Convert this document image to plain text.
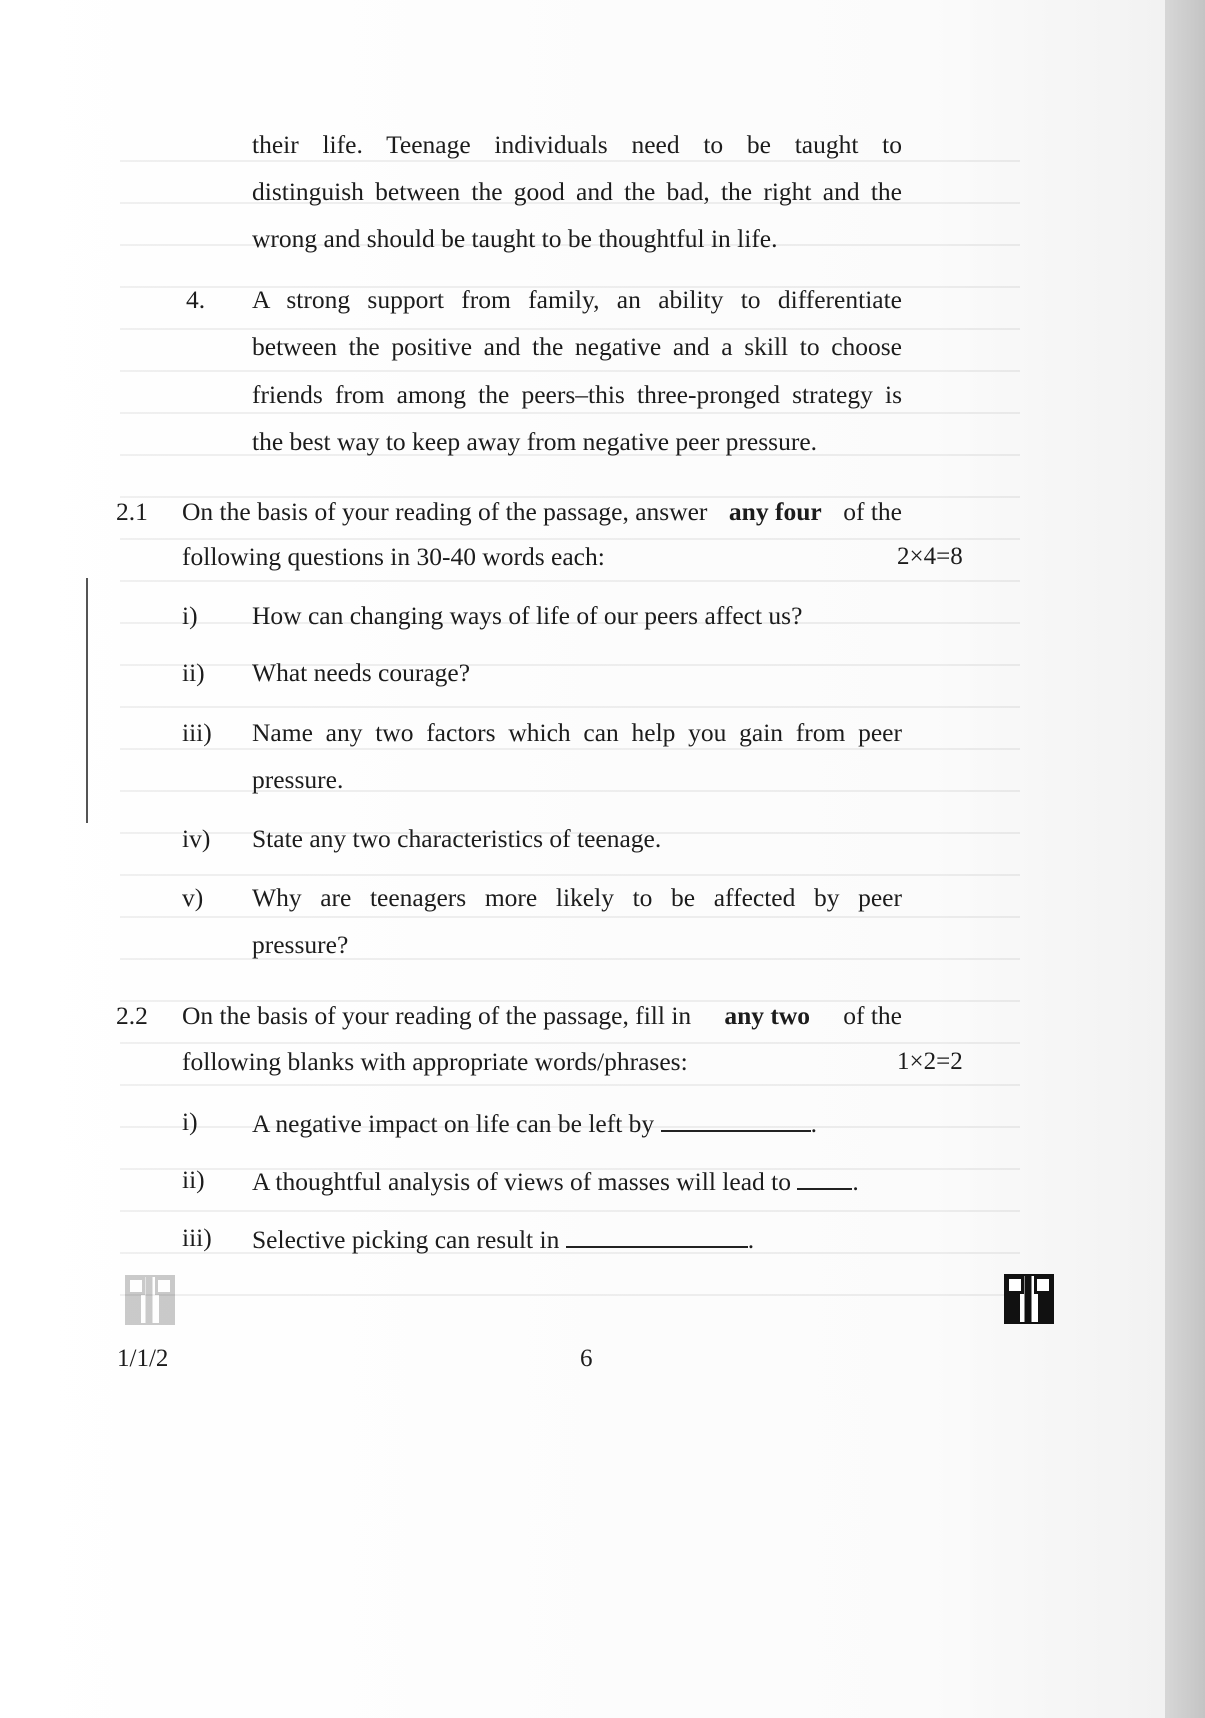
their life. Teenage individuals need to be taught to
distinguish between the good and the bad, the right and the
wrong and should be taught to be thoughtful in life.
4. A strong support from family, an ability to differentiate
between the positive and the negative and a skill to choose
friends from among the peers–this three-pronged strategy is
the best way to keep away from negative peer pressure.
2.1 On the basis of your reading of the passage, answer any four of the
following questions in 30-40 words each:	2×4=8
i) How can changing ways of life of our peers affect us?
ii) What needs courage?
iii) Name any two factors which can help you gain from peer
pressure.
iv) State any two characteristics of teenage.
v) Why are teenagers more likely to be affected by peer
pressure?
2.2 On the basis of your reading of the passage, fill in any two of the
following blanks with appropriate words/phrases:	1×2=2
i) A negative impact on life can be left by	.
ii) A thoughtful analysis of views of masses will lead to .
iii) Selective picking can result in	.
1/1/2	6
